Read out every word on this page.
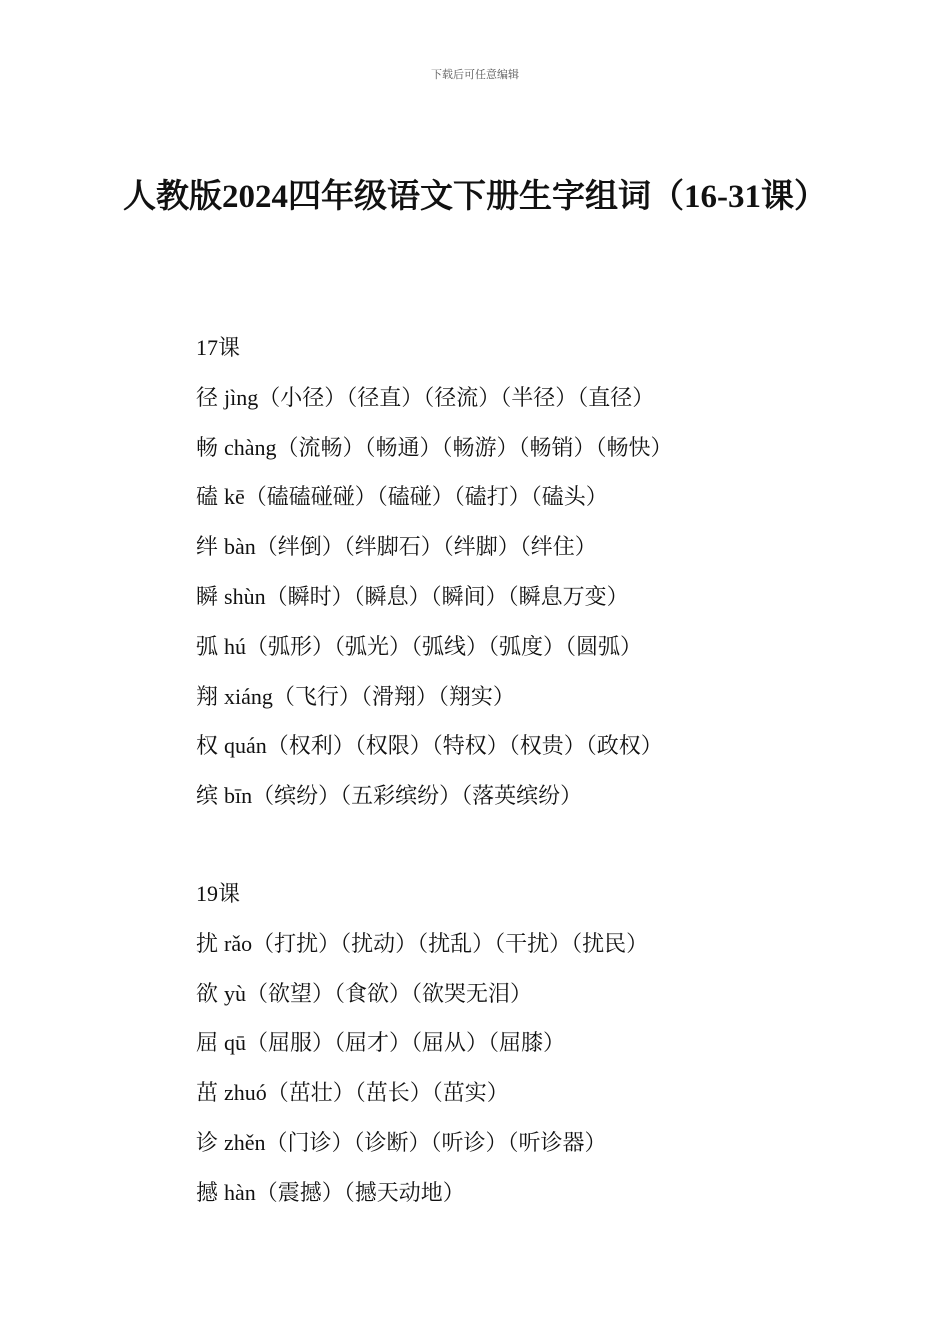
下载后可任意编辑
人教版2024四年级语文下册生字组词（16-31课）
17课
径 jìng（小径）（径直）（径流）（半径）（直径）
畅 chàng（流畅）（畅通）（畅游）（畅销）（畅快）
磕 kē（磕磕碰碰）（磕碰）（磕打）（磕头）
绊 bàn（绊倒）（绊脚石）（绊脚）（绊住）
瞬 shùn（瞬时）（瞬息）（瞬间）（瞬息万变）
弧 hú（弧形）（弧光）（弧线）（弧度）（圆弧）
翔 xiáng（飞行）（滑翔）（翔实）
权 quán（权利）（权限）（特权）（权贵）（政权）
缤 bīn（缤纷）（五彩缤纷）（落英缤纷）
19课
扰 rǎo（打扰）（扰动）（扰乱）（干扰）（扰民）
欲 yù（欲望）（食欲）（欲哭无泪）
屈 qū（屈服）（屈才）（屈从）（屈膝）
茁 zhuó（茁壮）（茁长）（茁实）
诊 zhěn（门诊）（诊断）（听诊）（听诊器）
撼 hàn（震撼）（撼天动地）
